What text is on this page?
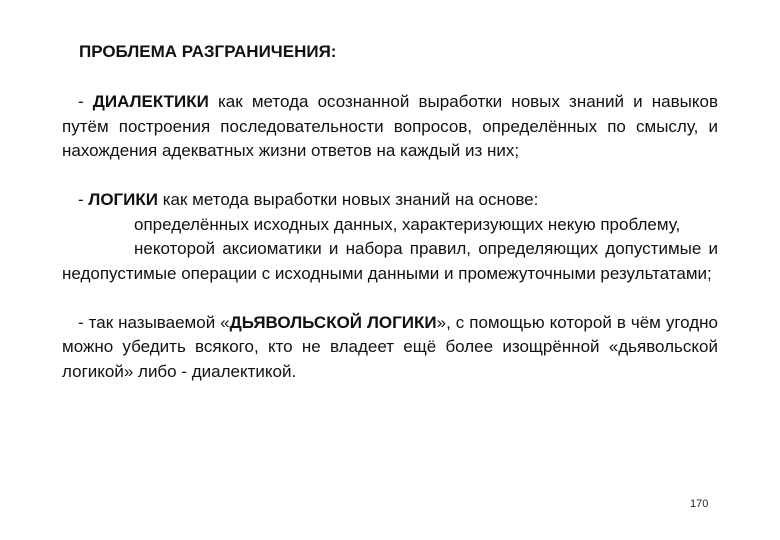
ПРОБЛЕМА РАЗГРАНИЧЕНИЯ:

- ДИАЛЕКТИКИ как метода осознанной выработки новых знаний и навыков путём построения последовательности вопросов, определённых по смыслу, и нахождения адекватных жизни ответов на каждый из них;

- ЛОГИКИ как метода выработки новых знаний на основе:

определённых исходных данных, характеризующих некую проблему,

некоторой аксиоматики и набора правил, определяющих допустимые и недопустимые операции с исходными данными и промежуточными результатами;

- так называемой «ДЬЯВОЛЬСКОЙ ЛОГИКИ», с помощью которой в чём угодно можно убедить всякого, кто не владеет ещё более изощрённой «дьявольской логикой» либо - диалектикой.

170
